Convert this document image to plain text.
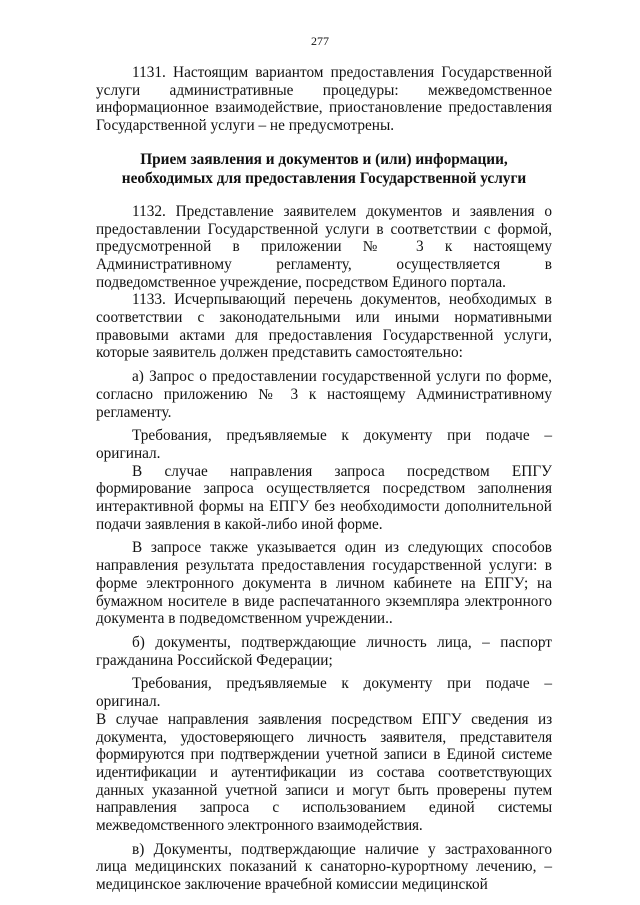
277

1131. Настоящим вариантом предоставления Государственной услуги административные процедуры: межведомственное информационное взаимодействие, приостановление предоставления Государственной услуги – не предусмотрены.

Прием заявления и документов и (или) информации, необходимых для предоставления Государственной услуги

1132. Представление заявителем документов и заявления о предоставлении Государственной услуги в соответствии с формой, предусмотренной в приложении № 3 к настоящему Административному регламенту, осуществляется в подведомственное учреждение, посредством Единого портала.

1133. Исчерпывающий перечень документов, необходимых в соответствии с законодательными или иными нормативными правовыми актами для предоставления Государственной услуги, которые заявитель должен представить самостоятельно:

а) Запрос о предоставлении государственной услуги по форме, согласно приложению № 3 к настоящему Административному регламенту.

Требования, предъявляемые к документу при подаче – оригинал.

В случае направления запроса посредством ЕПГУ формирование запроса осуществляется посредством заполнения интерактивной формы на ЕПГУ без необходимости дополнительной подачи заявления в какой-либо иной форме.

В запросе также указывается один из следующих способов направления результата предоставления государственной услуги: в форме электронного документа в личном кабинете на ЕПГУ; на бумажном носителе в виде распечатанного экземпляра электронного документа в подведомственном учреждении..

б) документы, подтверждающие личность лица, – паспорт гражданина Российской Федерации;

Требования, предъявляемые к документу при подаче – оригинал.

В случае направления заявления посредством ЕПГУ сведения из документа, удостоверяющего личность заявителя, представителя формируются при подтверждении учетной записи в Единой системе идентификации и аутентификации из состава соответствующих данных указанной учетной записи и могут быть проверены путем направления запроса с использованием единой системы межведомственного электронного взаимодействия.

в) Документы, подтверждающие наличие у застрахованного лица медицинских показаний к санаторно-курортному лечению, – медицинское заключение врачебной комиссии медицинской
